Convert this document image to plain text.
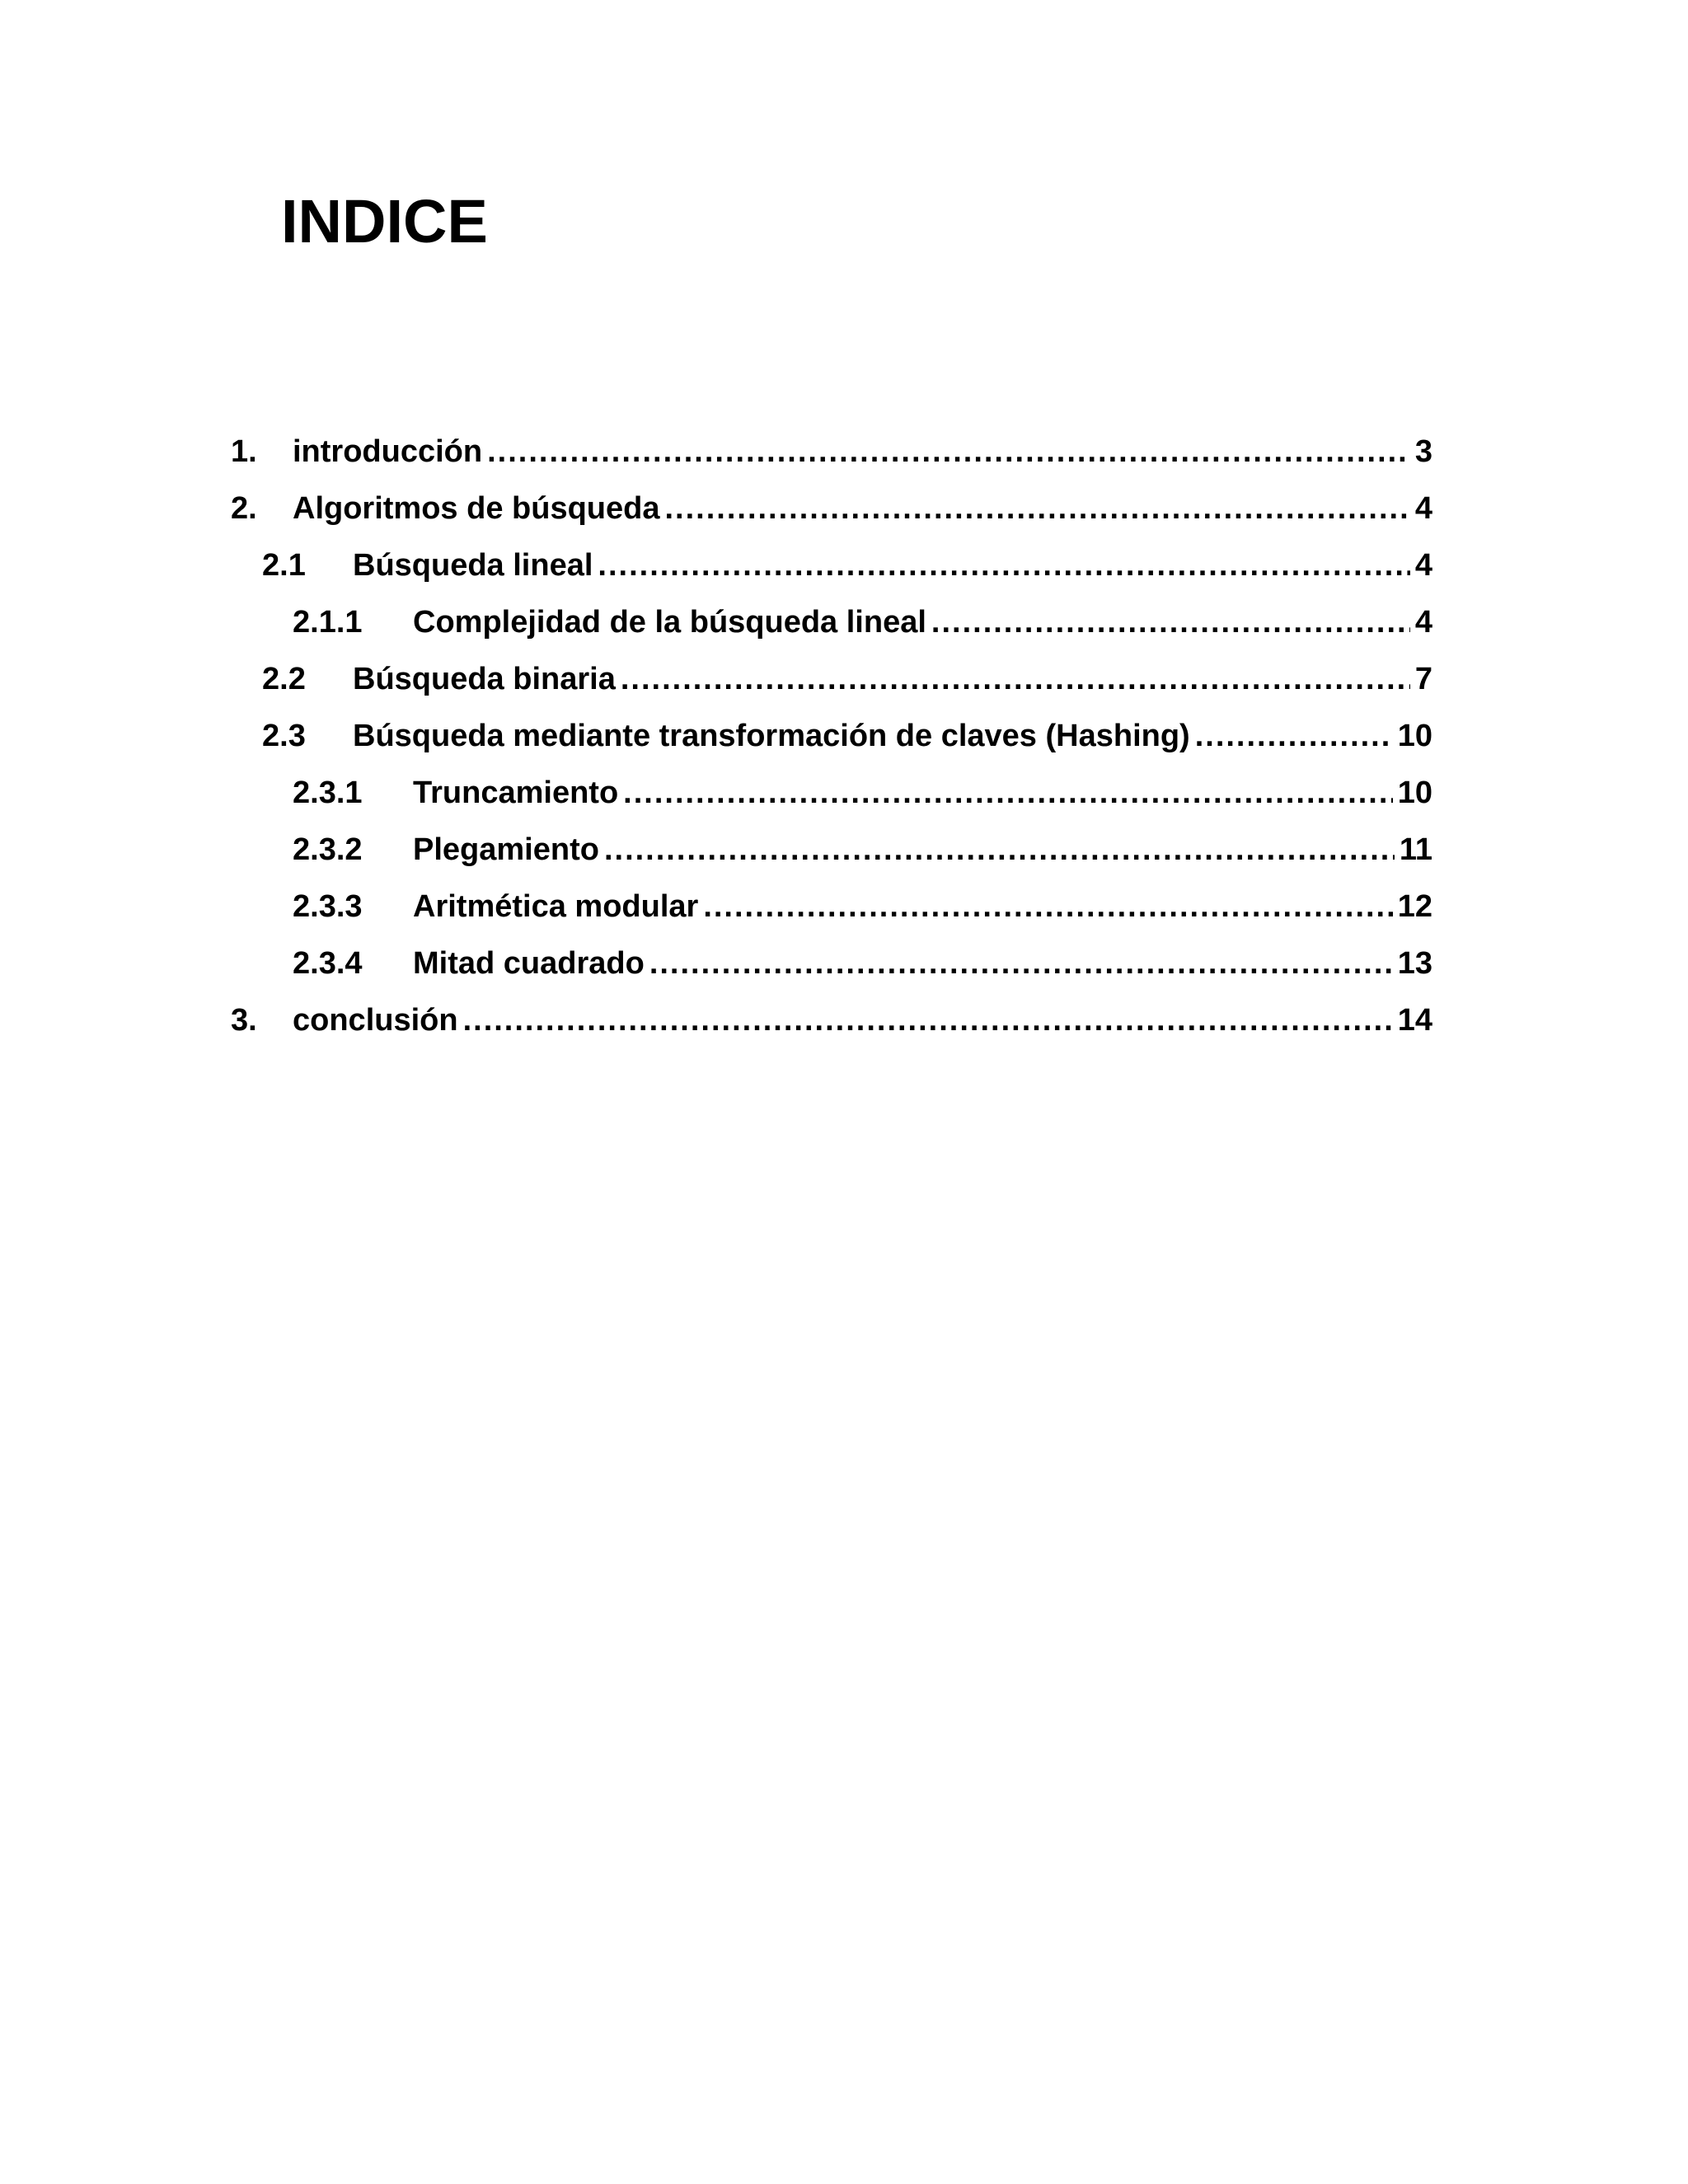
INDICE
1.	introducción .....	3
2.	Algoritmos de búsqueda .....	4
2.1	Búsqueda lineal .....	4
2.1.1	Complejidad de la búsqueda lineal .....	4
2.2	Búsqueda binaria .....	7
2.3	Búsqueda mediante transformación de claves (Hashing) .....	10
2.3.1	Truncamiento .....	10
2.3.2	Plegamiento .....	11
2.3.3	Aritmética modular .....	12
2.3.4	Mitad cuadrado .....	13
3.	conclusión .....	14
